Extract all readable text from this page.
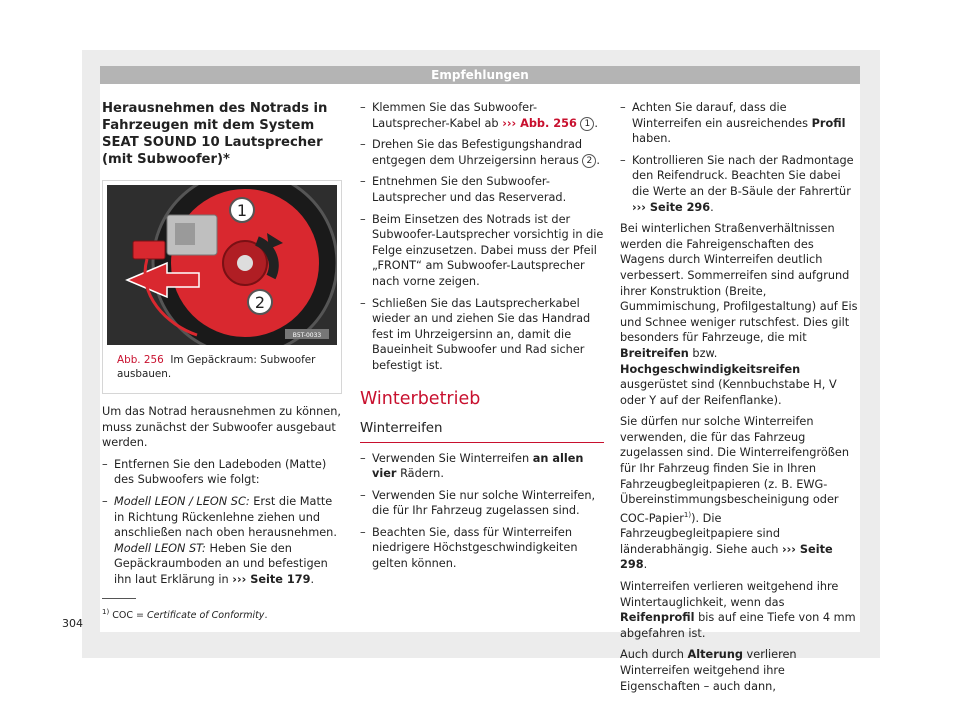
Empfehlungen
Herausnehmen des Notrads in Fahrzeugen mit dem System SEAT SOUND 10 Lautsprecher (mit Subwoofer)*
B5T-0033
1
2
Abb. 256 Im Gepäckraum: Subwoofer ausbauen.

Um das Notrad herausnehmen zu können, muss zunächst der Subwoofer ausgebaut werden.

– Entfernen Sie den Ladeboden (Matte) des Subwoofers wie folgt:
– Modell LEON / LEON SC: Erst die Matte in Richtung Rückenlehne ziehen und anschließen nach oben herausnehmen. Modell LEON ST: Heben Sie den Gepäckraumboden an und befestigen ihn laut Erklärung in ››› Seite 179.
– Klemmen Sie das Subwoofer-Lautsprecher-Kabel ab ››› Abb. 256 1 .
– Drehen Sie das Befestigungshandrad entgegen dem Uhrzeigersinn heraus 2 .
– Entnehmen Sie den Subwoofer-Lautsprecher und das Reserverad.
– Beim Einsetzen des Notrads ist der Subwoofer-Lautsprecher vorsichtig in die Felge einzusetzen. Dabei muss der Pfeil „FRONT“ am Subwoofer-Lautsprecher nach vorne zeigen.
– Schließen Sie das Lautsprecherkabel wieder an und ziehen Sie das Handrad fest im Uhrzeigersinn an, damit die Baueinheit Subwoofer und Rad sicher befestigt ist.
Winterbetrieb
Winterreifen
– Verwenden Sie Winterreifen an allen vier Rädern.
– Verwenden Sie nur solche Winterreifen, die für Ihr Fahrzeug zugelassen sind.
– Beachten Sie, dass für Winterreifen niedrigere Höchstgeschwindigkeiten gelten können.
– Achten Sie darauf, dass die Winterreifen ein ausreichendes Profil haben.
– Kontrollieren Sie nach der Radmontage den Reifendruck. Beachten Sie dabei die Werte an der B-Säule der Fahrertür ››› Seite 296.

Bei winterlichen Straßenverhältnissen werden die Fahreigenschaften des Wagens durch Winterreifen deutlich verbessert. Sommerreifen sind aufgrund ihrer Konstruktion (Breite, Gummimischung, Profilgestaltung) auf Eis und Schnee weniger rutschfest. Dies gilt besonders für Fahrzeuge, die mit Breitreifen bzw. Hochgeschwindigkeitsreifen ausgerüstet sind (Kennbuchstabe H, V oder Y auf der Reifenflanke).

Sie dürfen nur solche Winterreifen verwenden, die für das Fahrzeug zugelassen sind. Die Winterreifengrößen für Ihr Fahrzeug finden Sie in Ihren Fahrzeugbegleitpapieren (z. B. EWG-Übereinstimmungsbescheinigung oder COC-Papier$^{1)}$). Die Fahrzeugbegleitpapiere sind länderabhängig. Siehe auch ››› Seite 298.

Winterreifen verlieren weitgehend ihre Wintertauglichkeit, wenn das Reifenprofil bis auf eine Tiefe von 4 mm abgefahren ist.

Auch durch Alterung verlieren Winterreifen weitgehend ihre Eigenschaften – auch dann,

$^{1)}$ COC = Certificate of Conformity.
304
